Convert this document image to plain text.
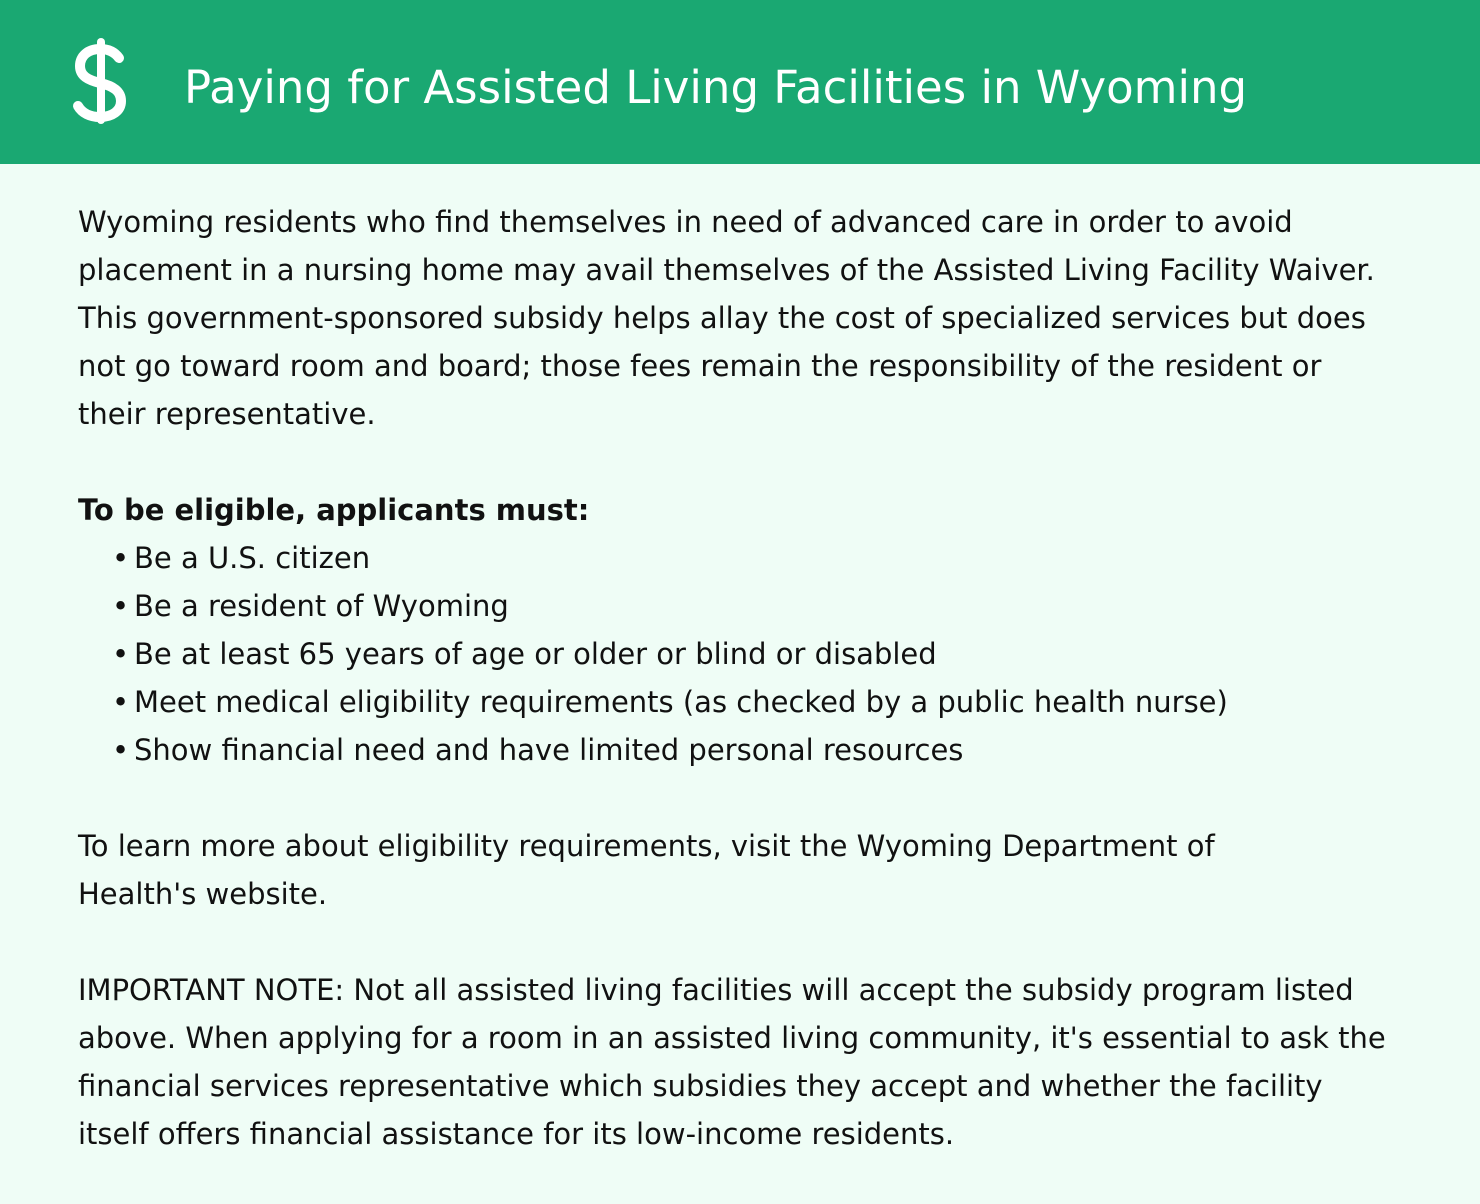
Paying for Assisted Living Facilities in Wyoming

Wyoming residents who find themselves in need of advanced care in order to avoid
placement in a nursing home may avail themselves of the Assisted Living Facility Waiver.
This government-sponsored subsidy helps allay the cost of specialized services but does
not go toward room and board; those fees remain the responsibility of the resident or
their representative.

To be eligible, applicants must:

• Be a U.S. citizen
• Be a resident of Wyoming
• Be at least 65 years of age or older or blind or disabled
• Meet medical eligibility requirements (as checked by a public health nurse)
• Show financial need and have limited personal resources

To learn more about eligibility requirements, visit the Wyoming Department of
Health's website.

IMPORTANT NOTE: Not all assisted living facilities will accept the subsidy program listed
above. When applying for a room in an assisted living community, it's essential to ask the
financial services representative which subsidies they accept and whether the facility
itself offers financial assistance for its low-income residents.
